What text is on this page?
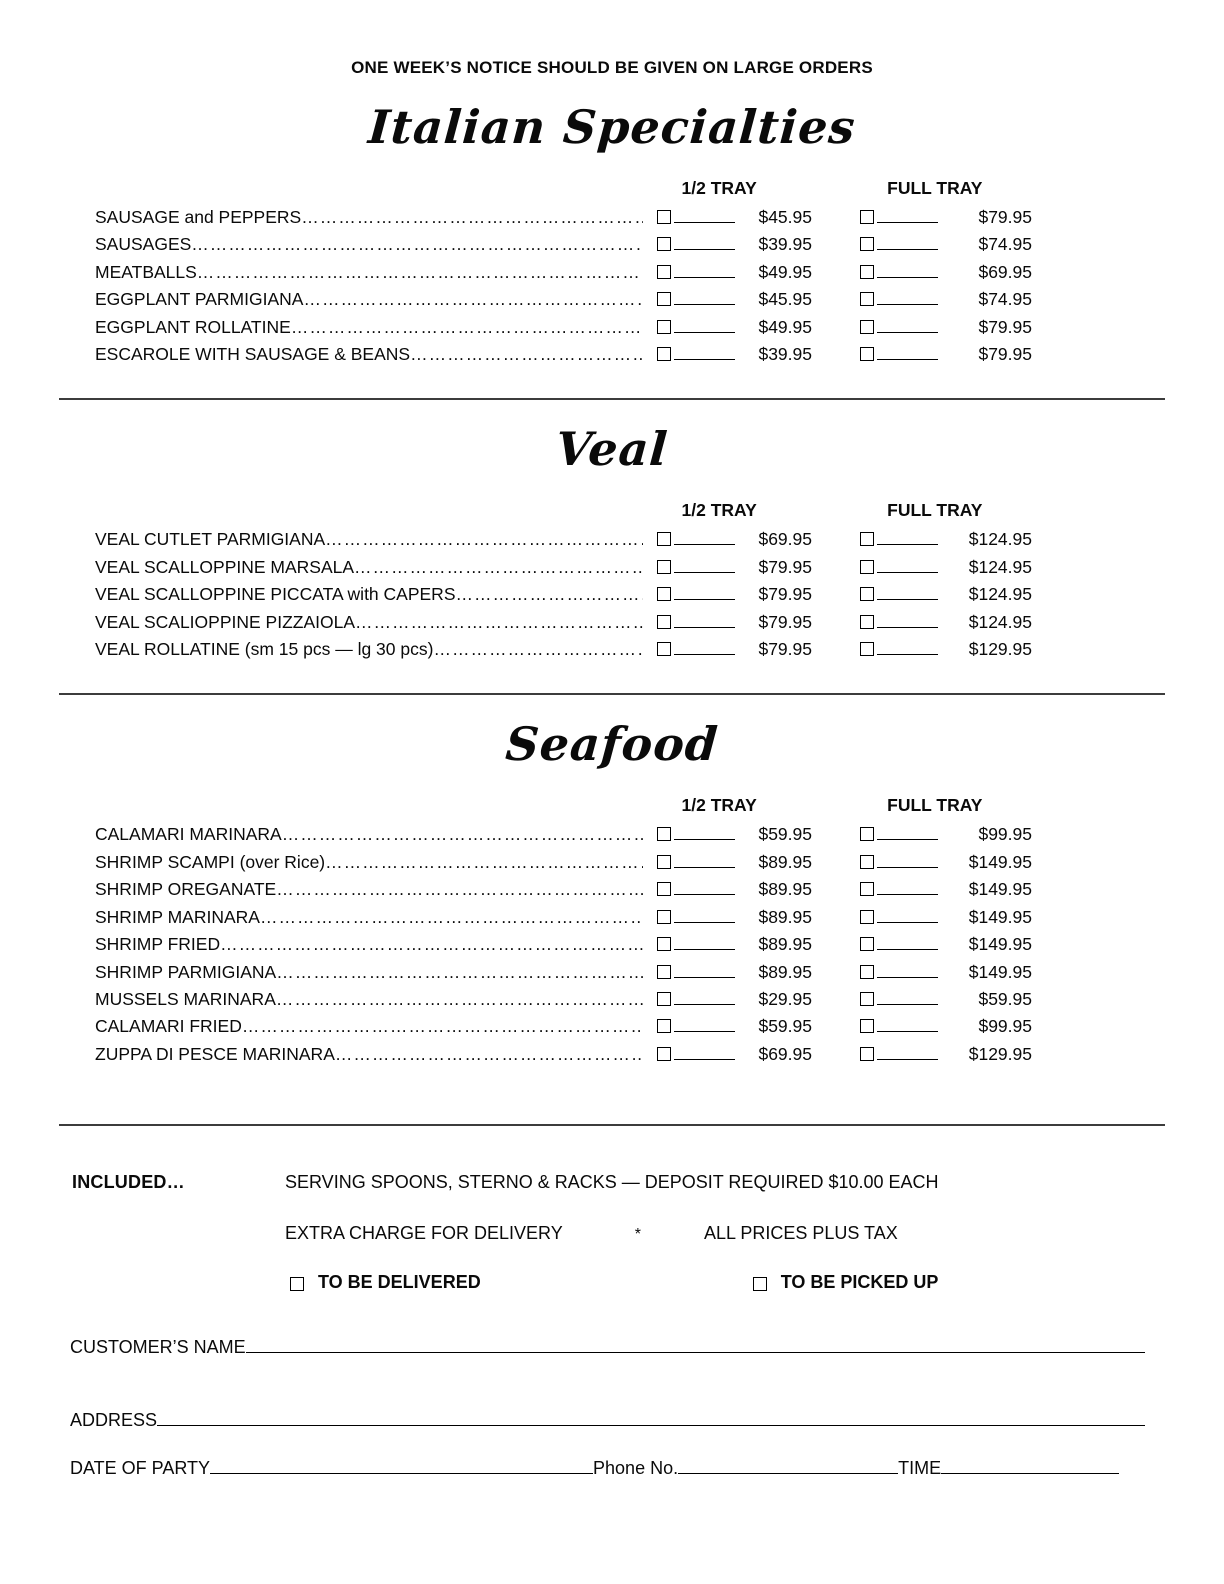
ONE WEEK’S NOTICE SHOULD BE GIVEN ON LARGE ORDERS
Italian Specialties
1/2 TRAY	FULL TRAY
SAUSAGE and PEPPERS ……………………………………………………………………………………………………………………	$45.95	$79.95
SAUSAGES ……………………………………………………………………………………………………………………	$39.95	$74.95
MEATBALLS ……………………………………………………………………………………………………………………	$49.95	$69.95
EGGPLANT PARMIGIANA ……………………………………………………………………………………………………………………	$45.95	$74.95
EGGPLANT ROLLATINE ……………………………………………………………………………………………………………………	$49.95	$79.95
ESCAROLE WITH SAUSAGE & BEANS ……………………………………………………………………………………………………………………	$39.95	$79.95
Veal
1/2 TRAY	FULL TRAY
VEAL CUTLET PARMIGIANA ……………………………………………………………………………………………………………………	$69.95	$124.95
VEAL SCALLOPPINE MARSALA ……………………………………………………………………………………………………………………	$79.95	$124.95
VEAL SCALLOPPINE PICCATA with CAPERS ……………………………………………………………………………………………………………………	$79.95	$124.95
VEAL SCALIOPPINE PIZZAIOLA ……………………………………………………………………………………………………………………	$79.95	$124.95
VEAL ROLLATINE (sm 15 pcs — lg 30 pcs) ……………………………………………………………………………………………………………………	$79.95	$129.95
Seafood
1/2 TRAY	FULL TRAY
CALAMARI MARINARA ……………………………………………………………………………………………………………………	$59.95	$99.95
SHRIMP SCAMPI (over Rice) ……………………………………………………………………………………………………………………	$89.95	$149.95
SHRIMP OREGANATE ……………………………………………………………………………………………………………………	$89.95	$149.95
SHRIMP MARINARA ……………………………………………………………………………………………………………………	$89.95	$149.95
SHRIMP FRIED ……………………………………………………………………………………………………………………	$89.95	$149.95
SHRIMP PARMIGIANA ……………………………………………………………………………………………………………………	$89.95	$149.95
MUSSELS MARINARA ……………………………………………………………………………………………………………………	$29.95	$59.95
CALAMARI FRIED ……………………………………………………………………………………………………………………	$59.95	$99.95
ZUPPA DI PESCE MARINARA ……………………………………………………………………………………………………………………	$69.95	$129.95
INCLUDED…	SERVING SPOONS, STERNO & RACKS — DEPOSIT REQUIRED $10.00 EACH
EXTRA CHARGE FOR DELIVERY	*	ALL PRICES PLUS TAX
TO BE DELIVERED	TO BE PICKED UP
CUSTOMER’S NAME
ADDRESS
DATE OF PARTY	Phone No.	TIME
